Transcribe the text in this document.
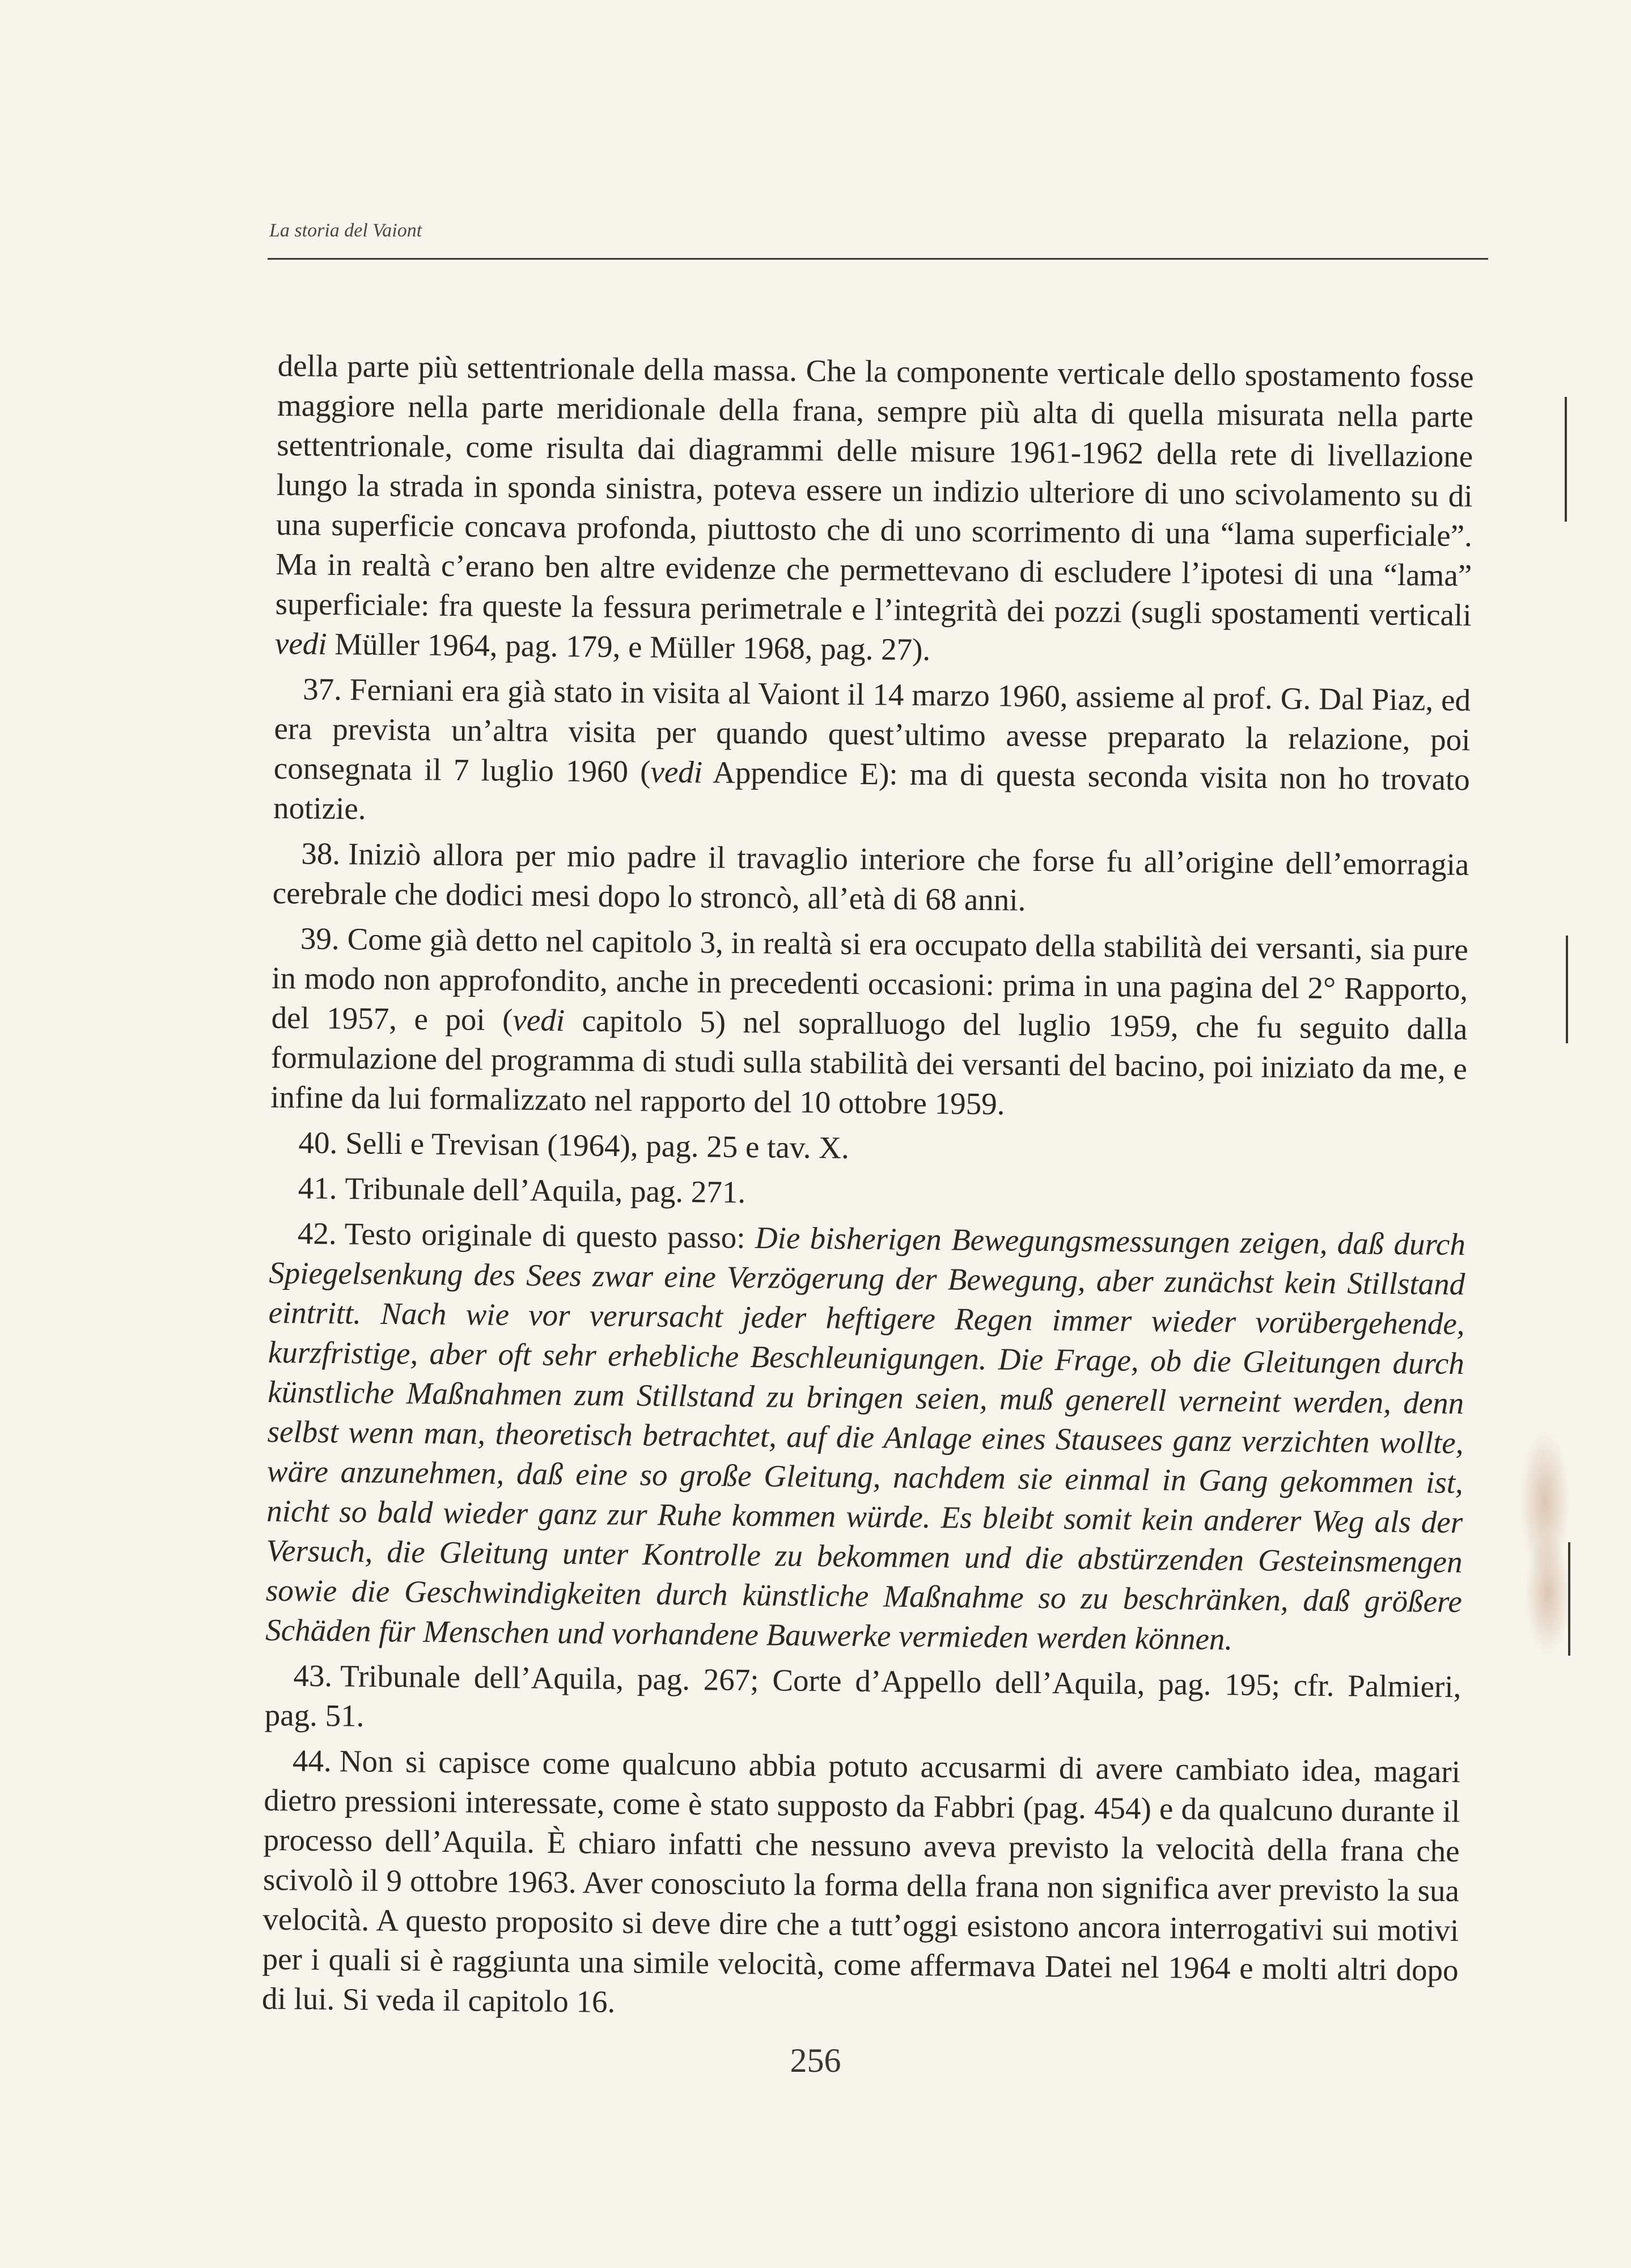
La storia del Vaiont

della parte più settentrionale della massa. Che la componente verticale dello spostamento fosse maggiore nella parte meridionale della frana, sempre più alta di quella misurata nella parte settentrionale, come risulta dai diagrammi delle misure 1961-1962 della rete di livellazione lungo la strada in sponda sinistra, poteva essere un indizio ulteriore di uno scivolamento su di una superficie concava profonda, piuttosto che di uno scorrimento di una “lama superficiale”. Ma in realtà c’erano ben altre evidenze che permettevano di escludere l’ipotesi di una “lama” superficiale: fra queste la fessura perimetrale e l’integrità dei pozzi (sugli spostamenti verticali vedi Müller 1964, pag. 179, e Müller 1968, pag. 27).

37. Ferniani era già stato in visita al Vaiont il 14 marzo 1960, assieme al prof. G. Dal Piaz, ed era prevista un’altra visita per quando quest’ultimo avesse preparato la relazione, poi consegnata il 7 luglio 1960 (vedi Appendice E): ma di questa seconda visita non ho trovato notizie.

38. Iniziò allora per mio padre il travaglio interiore che forse fu all’origine dell’emorragia cerebrale che dodici mesi dopo lo stroncò, all’età di 68 anni.

39. Come già detto nel capitolo 3, in realtà si era occupato della stabilità dei versanti, sia pure in modo non approfondito, anche in precedenti occasioni: prima in una pagina del 2° Rapporto, del 1957, e poi (vedi capitolo 5) nel sopralluogo del luglio 1959, che fu seguito dalla formulazione del programma di studi sulla stabilità dei versanti del bacino, poi iniziato da me, e infine da lui formalizzato nel rapporto del 10 ottobre 1959.

40. Selli e Trevisan (1964), pag. 25 e tav. X.

41. Tribunale dell’Aquila, pag. 271.

42. Testo originale di questo passo: Die bisherigen Bewegungsmessungen zeigen, daß durch Spiegelsenkung des Sees zwar eine Verzögerung der Bewegung, aber zunächst kein Stillstand eintritt. Nach wie vor verursacht jeder heftigere Regen immer wieder vorübergehende, kurzfristige, aber oft sehr erhebliche Beschleunigungen. Die Frage, ob die Gleitungen durch künstliche Maßnahmen zum Stillstand zu bringen seien, muß generell verneint werden, denn selbst wenn man, theoretisch betrachtet, auf die Anlage eines Stausees ganz verzichten wollte, wäre anzunehmen, daß eine so große Gleitung, nachdem sie einmal in Gang gekommen ist, nicht so bald wieder ganz zur Ruhe kommen würde. Es bleibt somit kein anderer Weg als der Versuch, die Gleitung unter Kontrolle zu bekommen und die abstürzenden Gesteinsmengen sowie die Geschwindigkeiten durch künstliche Maßnahme so zu beschränken, daß größere Schäden für Menschen und vorhandene Bauwerke vermieden werden können.

43. Tribunale dell’Aquila, pag. 267; Corte d’Appello dell’Aquila, pag. 195; cfr. Palmieri, pag. 51.

44. Non si capisce come qualcuno abbia potuto accusarmi di avere cambiato idea, magari dietro pressioni interessate, come è stato supposto da Fabbri (pag. 454) e da qualcuno durante il processo dell’Aquila. È chiaro infatti che nessuno aveva previsto la velocità della frana che scivolò il 9 ottobre 1963. Aver conosciuto la forma della frana non significa aver previsto la sua velocità. A questo proposito si deve dire che a tutt’oggi esistono ancora interrogativi sui motivi per i quali si è raggiunta una simile velocità, come affermava Datei nel 1964 e molti altri dopo di lui. Si veda il capitolo 16.

256
